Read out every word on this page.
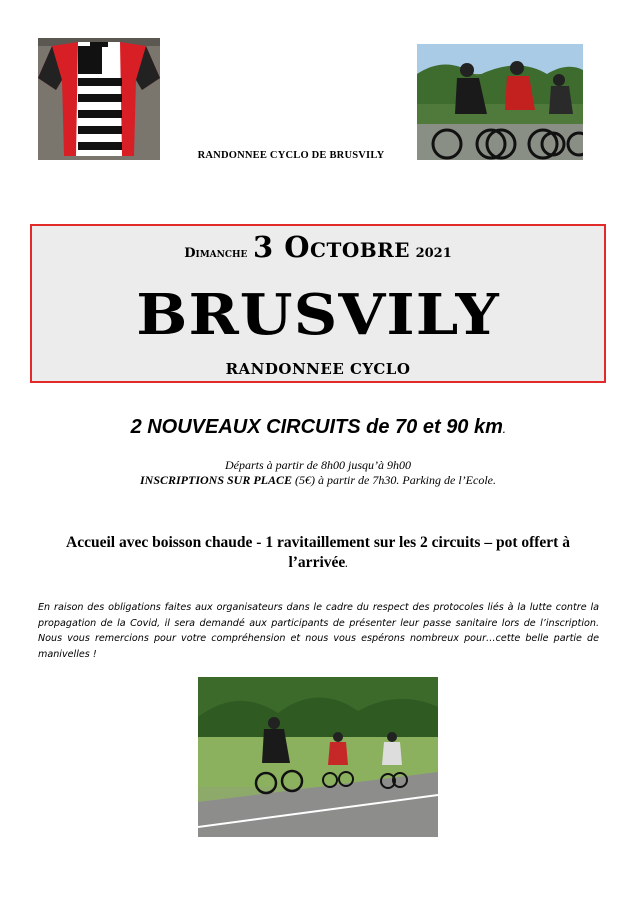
RANDONNEE CYCLO DE BRUSVILY
Dimanche 3 Octobre 2021
BRUSVILY
RANDONNEE CYCLO
2 NOUVEAUX CIRCUITS de 70 et 90 km.
Départs à partir de 8h00 jusqu’à 9h00
INSCRIPTIONS SUR PLACE (5€) à partir de 7h30. Parking de l’Ecole.
Accueil avec boisson chaude - 1 ravitaillement sur les 2 circuits – pot offert à l’arrivée.
En raison des obligations faites aux organisateurs dans le cadre du respect des protocoles liés à la lutte contre la propagation de la Covid, il sera demandé aux participants de présenter leur passe sanitaire lors de l’inscription. Nous vous remercions pour votre compréhension et nous vous espérons nombreux pour…cette belle partie de manivelles !
